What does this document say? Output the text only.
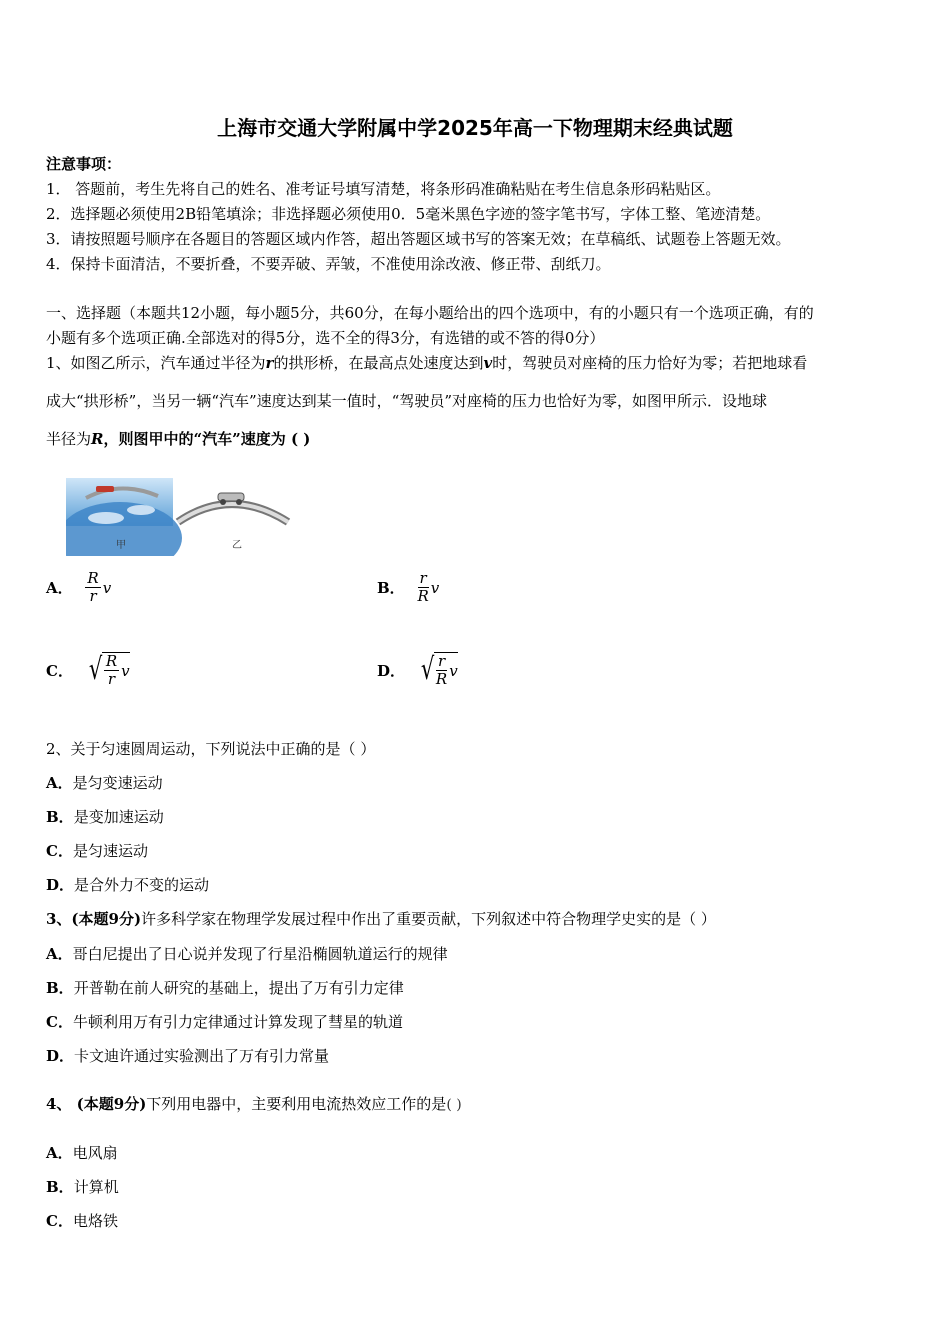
上海市交通大学附属中学2025年高一下物理期末经典试题
注意事项：
1． 答题前，考生先将自己的姓名、准考证号填写清楚，将条形码准确粘贴在考生信息条形码粘贴区。
2．选择题必须使用2B铅笔填涂；非选择题必须使用0．5毫米黑色字迹的签字笔书写，字体工整、笔迹清楚。
3．请按照题号顺序在各题目的答题区域内作答，超出答题区域书写的答案无效；在草稿纸、试题卷上答题无效。
4．保持卡面清洁，不要折叠，不要弄破、弄皱，不准使用涂改液、修正带、刮纸刀。
一、选择题（本题共12小题，每小题5分，共60分，在每小题给出的四个选项中，有的小题只有一个选项正确，有的
小题有多个选项正确.全部选对的得5分，选不全的得3分，有选错的或不答的得0分）
1、如图乙所示，汽车通过半径为r的拱形桥，在最高点处速度达到v时，驾驶员对座椅的压力恰好为零；若把地球看
成大“拱形桥”，当另一辆“汽车”速度达到某一值时，“驾驶员”对座椅的压力也恰好为零，如图甲所示．设地球
半径为R，则图甲中的“汽车”速度为 ( )
甲	乙
A． $\frac{R}{r}$ v	B． $\frac{r}{R}$ v
C． √ $\frac{R}{r}$ v	D． √ $\frac{r}{R}$ v
2、关于匀速圆周运动，下列说法中正确的是（ ）
A．是匀变速运动
B．是变加速运动
C．是匀速运动
D．是合外力不变的运动
3、(本题9分)许多科学家在物理学发展过程中作出了重要贡献，下列叙述中符合物理学史实的是（ ）
A．哥白尼提出了日心说并发现了行星沿椭圆轨道运行的规律
B．开普勒在前人研究的基础上，提出了万有引力定律
C．牛顿利用万有引力定律通过计算发现了彗星的轨道
D．卡文迪许通过实验测出了万有引力常量
4、 (本题9分)下列用电器中，主要利用电流热效应工作的是( )
A．电风扇
B．计算机
C．电烙铁
